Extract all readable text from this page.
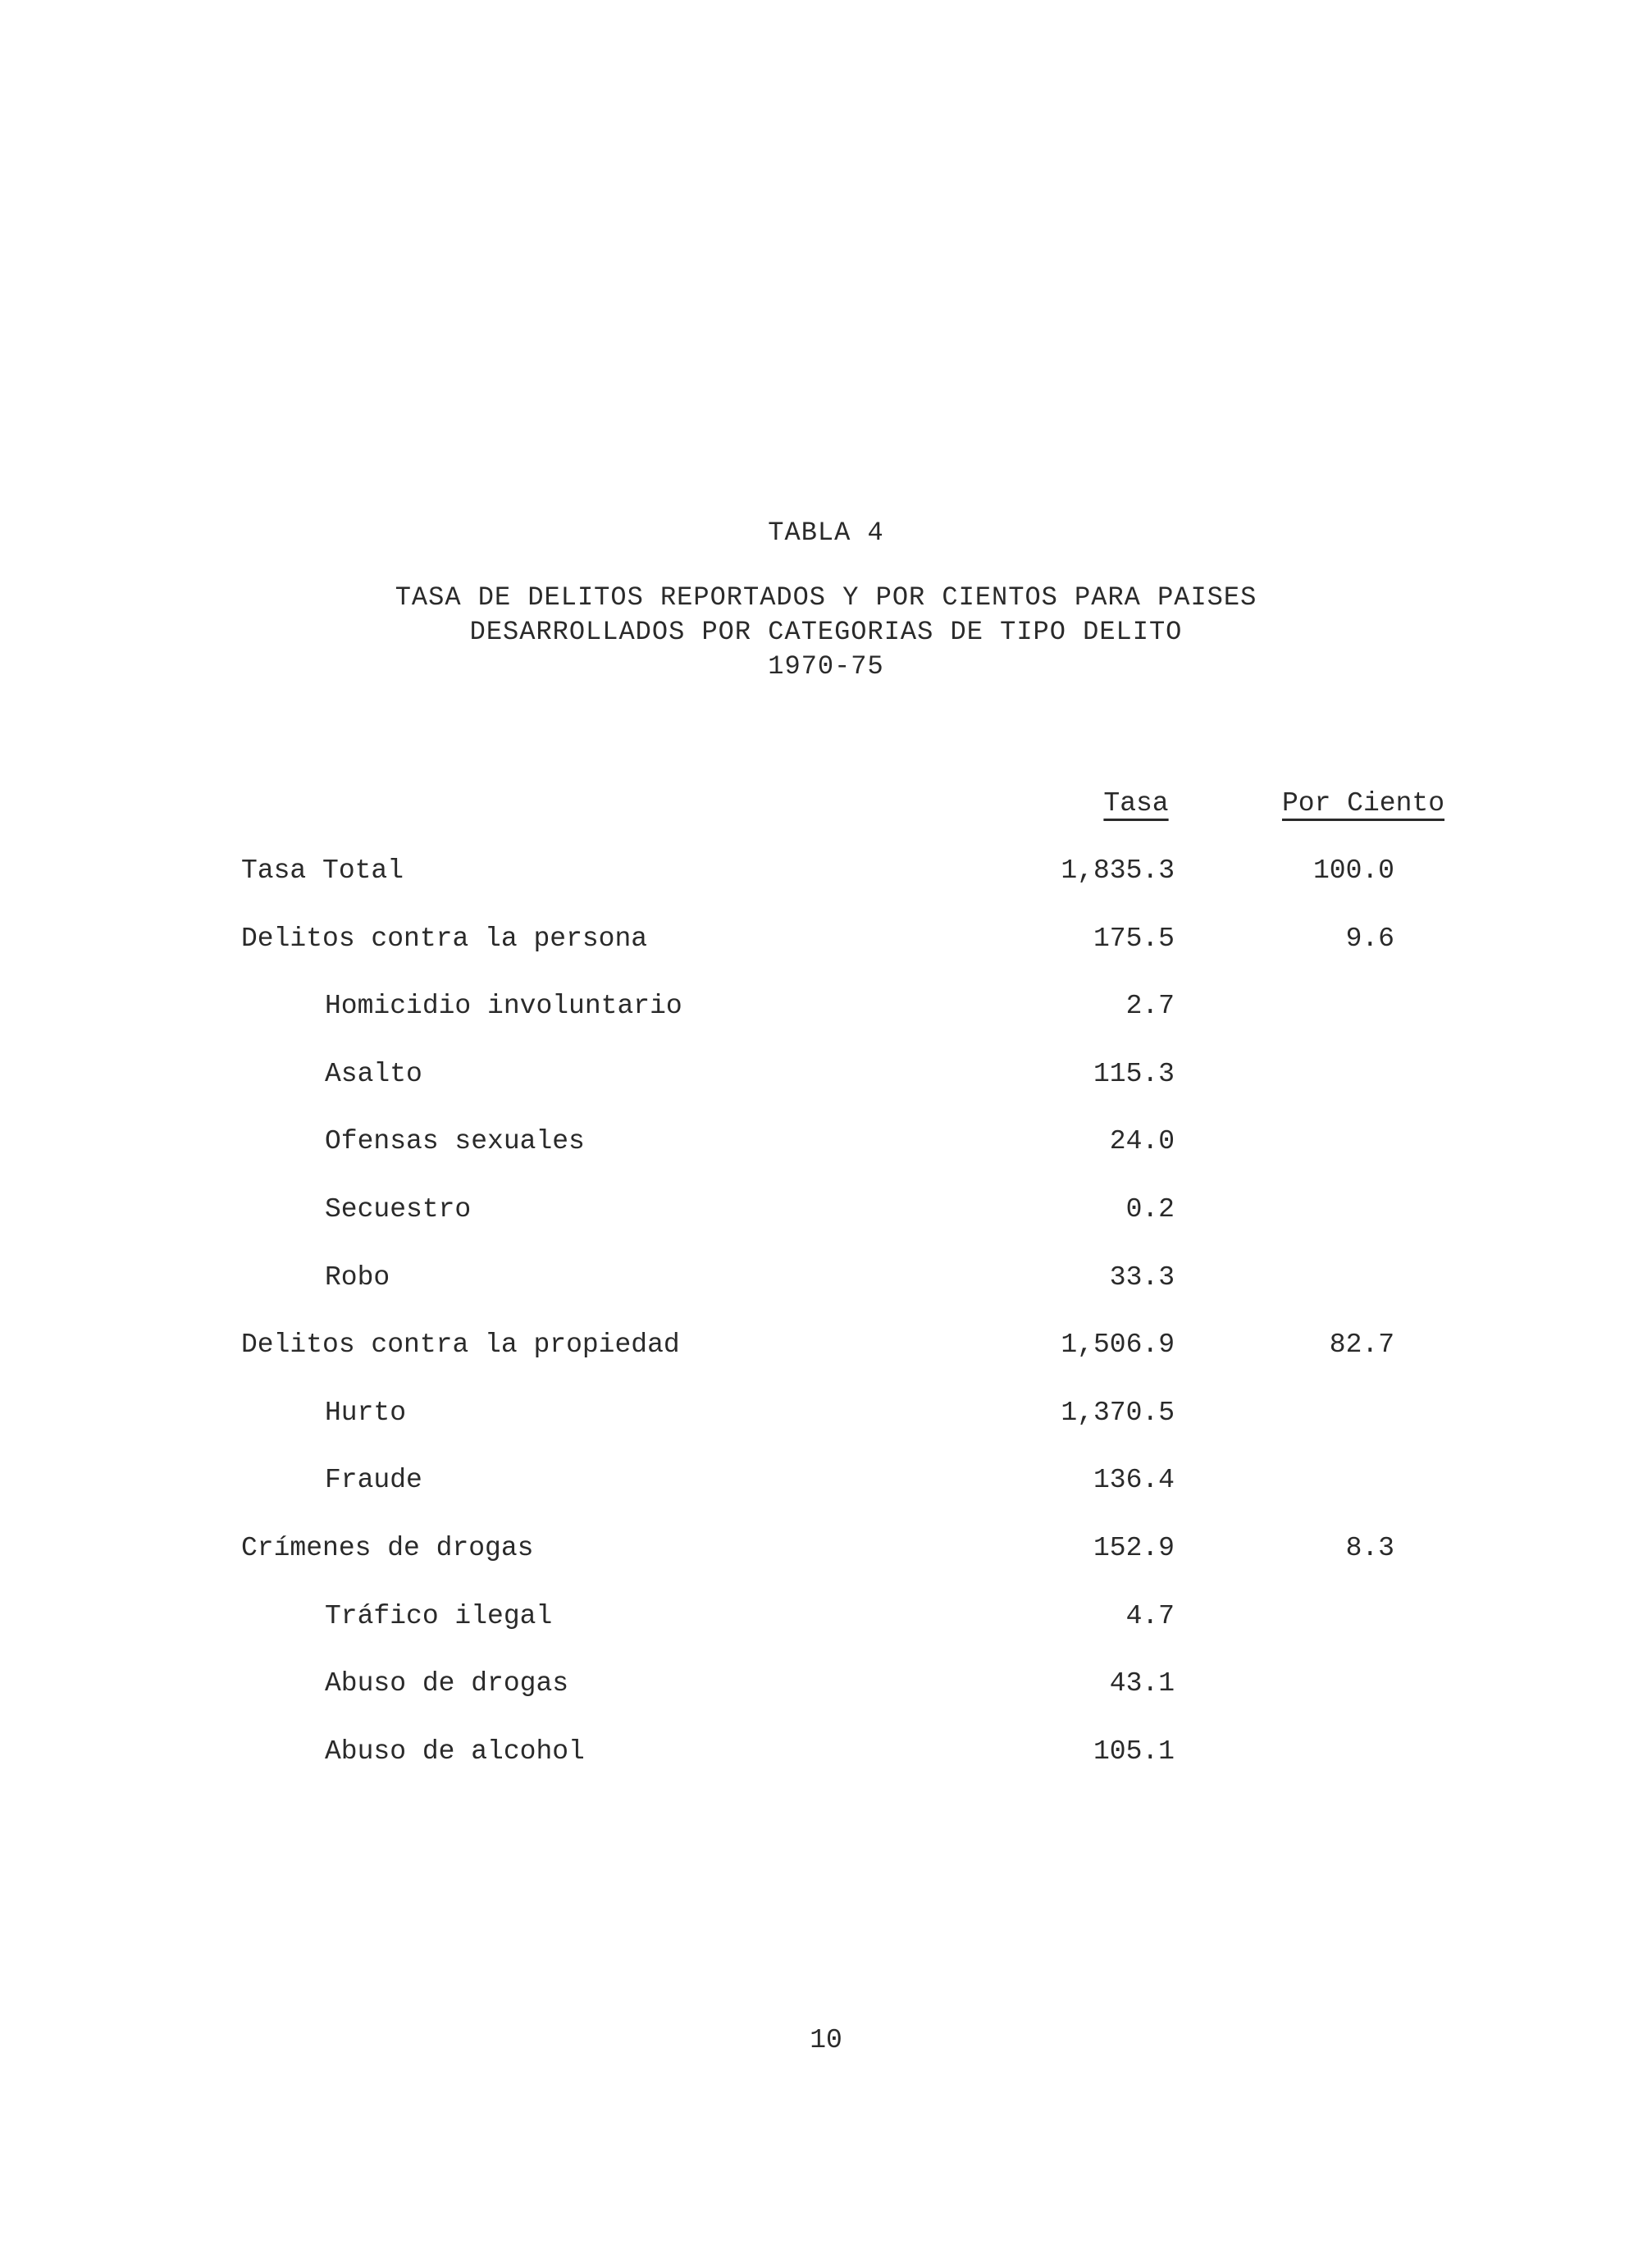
TABLA 4
TASA DE DELITOS REPORTADOS Y POR CIENTOS PARA PAISES
DESARROLLADOS POR CATEGORIAS DE TIPO DELITO
1970-75
Tasa	Por Ciento
Tasa Total	1,835.3	100.0
Delitos contra la persona	175.5	9.6
Homicidio involuntario	2.7
Asalto	115.3
Ofensas sexuales	24.0
Secuestro	0.2
Robo	33.3
Delitos contra la propiedad	1,506.9	82.7
Hurto	1,370.5
Fraude	136.4
Crímenes de drogas	152.9	8.3
Tráfico ilegal	4.7
Abuso de drogas	43.1
Abuso de alcohol	105.1
10
